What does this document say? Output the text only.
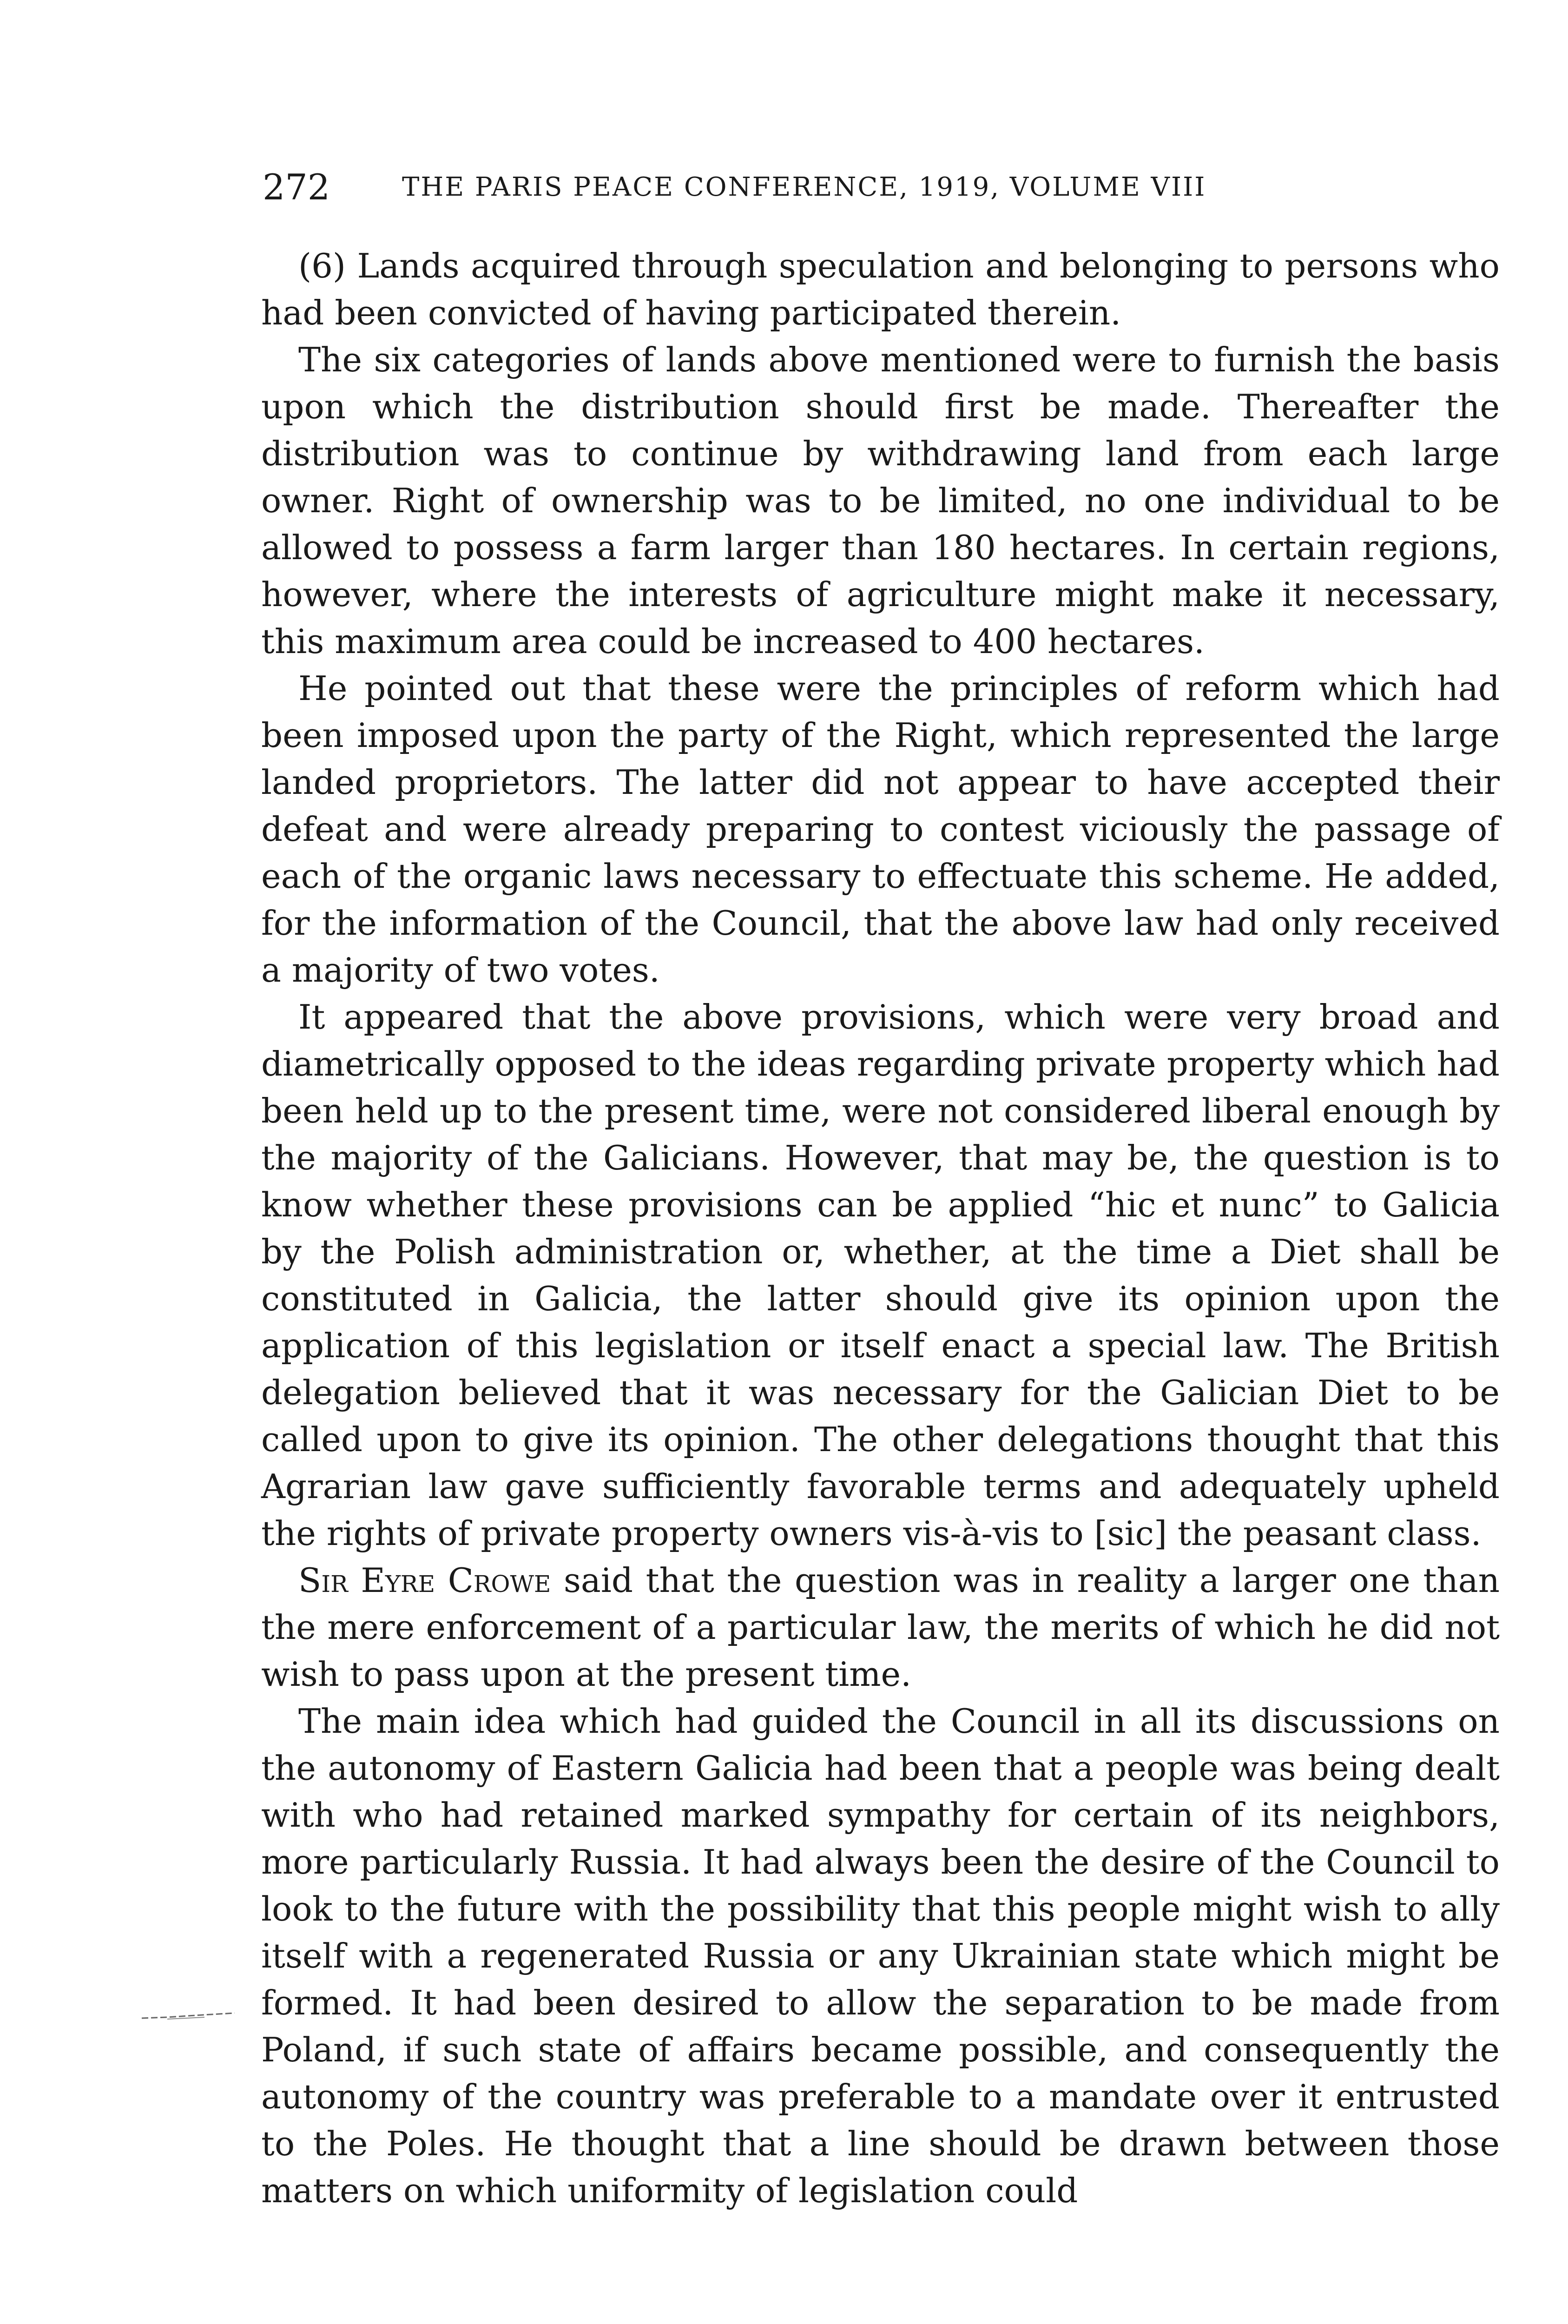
272	THE PARIS PEACE CONFERENCE, 1919, VOLUME VIII

(6) Lands acquired through speculation and belonging to persons who had been convicted of having participated therein.

The six categories of lands above mentioned were to furnish the basis upon which the distribution should first be made. Thereafter the distribution was to continue by withdrawing land from each large owner. Right of ownership was to be limited, no one individual to be allowed to possess a farm larger than 180 hectares. In certain regions, however, where the interests of agriculture might make it necessary, this maximum area could be increased to 400 hectares.

He pointed out that these were the principles of reform which had been imposed upon the party of the Right, which represented the large landed proprietors. The latter did not appear to have accepted their defeat and were already preparing to contest viciously the passage of each of the organic laws necessary to effectuate this scheme. He added, for the information of the Council, that the above law had only received a majority of two votes.

It appeared that the above provisions, which were very broad and diametrically opposed to the ideas regarding private property which had been held up to the present time, were not considered liberal enough by the majority of the Galicians. However, that may be, the question is to know whether these provisions can be applied “hic et nunc” to Galicia by the Polish administration or, whether, at the time a Diet shall be constituted in Galicia, the latter should give its opinion upon the application of this legislation or itself enact a special law. The British delegation believed that it was necessary for the Galician Diet to be called upon to give its opinion. The other delegations thought that this Agrarian law gave sufficiently favorable terms and adequately upheld the rights of private property owners vis-à-vis to [sic] the peasant class.

Sir Eyre Crowe said that the question was in reality a larger one than the mere enforcement of a particular law, the merits of which he did not wish to pass upon at the present time.

The main idea which had guided the Council in all its discussions on the autonomy of Eastern Galicia had been that a people was being dealt with who had retained marked sympathy for certain of its neighbors, more particularly Russia. It had always been the desire of the Council to look to the future with the possibility that this people might wish to ally itself with a regenerated Russia or any Ukrainian state which might be formed. It had been desired to allow the separation to be made from Poland, if such state of affairs became possible, and consequently the autonomy of the country was preferable to a mandate over it entrusted to the Poles. He thought that a line should be drawn between those matters on which uniformity of legislation could
